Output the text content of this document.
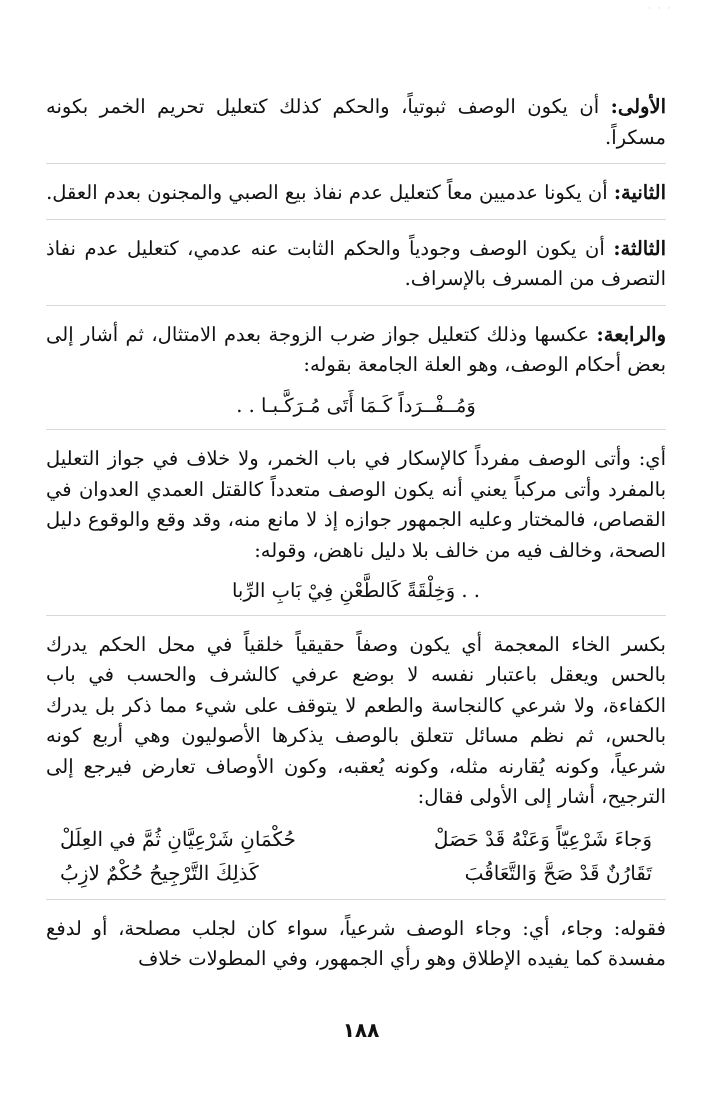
· · ·

الأولى: أن يكون الوصف ثبوتياً، والحكم كذلك كتعليل تحريم الخمر بكونه مسكراً.

الثانية: أن يكونا عدميين معاً كتعليل عدم نفاذ بيع الصبي والمجنون بعدم العقل.

الثالثة: أن يكون الوصف وجودياً والحكم الثابت عنه عدمي، كتعليل عدم نفاذ التصرف من المسرف بالإسراف.

والرابعة: عكسها وذلك كتعليل جواز ضرب الزوجة بعدم الامتثال، ثم أشار إلى بعض أحكام الوصف، وهو العلة الجامعة بقوله:

وَمُــفْــرَداً كَـمَا أَتَى مُـرَكَّـبـا . .

أي: وأتى الوصف مفرداً كالإسكار في باب الخمر، ولا خلاف في جواز التعليل بالمفرد وأتى مركباً يعني أنه يكون الوصف متعدداً كالقتل العمدي العدوان في القصاص، فالمختار وعليه الجمهور جوازه إذ لا مانع منه، وقد وقع والوقوع دليل الصحة، وخالف فيه من خالف بلا دليل ناهض، وقوله:

. . وَخِلْقَةً كَالطَّعْنِ فِيْ بَابِ الرِّبا

بكسر الخاء المعجمة أي يكون وصفاً حقيقياً خلقياً في محل الحكم يدرك بالحس ويعقل باعتبار نفسه لا بوضع عرفي كالشرف والحسب في باب الكفاءة، ولا شرعي كالنجاسة والطعم لا يتوقف على شيء مما ذكر بل يدرك بالحس، ثم نظم مسائل تتعلق بالوصف يذكرها الأصوليون وهي أربع كونه شرعياً، وكونه يُقارنه مثله، وكونه يُعقبه، وكون الأوصاف تعارض فيرجع إلى الترجيح، أشار إلى الأولى فقال:

وَجاءَ شَرْعِيّاً وَعَنْهُ قَدْ حَصَلْ
حُكْمَانِ شَرْعِيَّانِ ثُمَّ في العِلَلْ
تَقَارُنٌ قَدْ صَحَّ وَالتَّعَاقُبَ
كَذلِكَ التَّرْجِيحُ حُكْمٌ لازِبُ

فقوله: وجاء، أي: وجاء الوصف شرعياً، سواء كان لجلب مصلحة، أو لدفع مفسدة كما يفيده الإطلاق وهو رأي الجمهور، وفي المطولات خلاف

١٨٨
